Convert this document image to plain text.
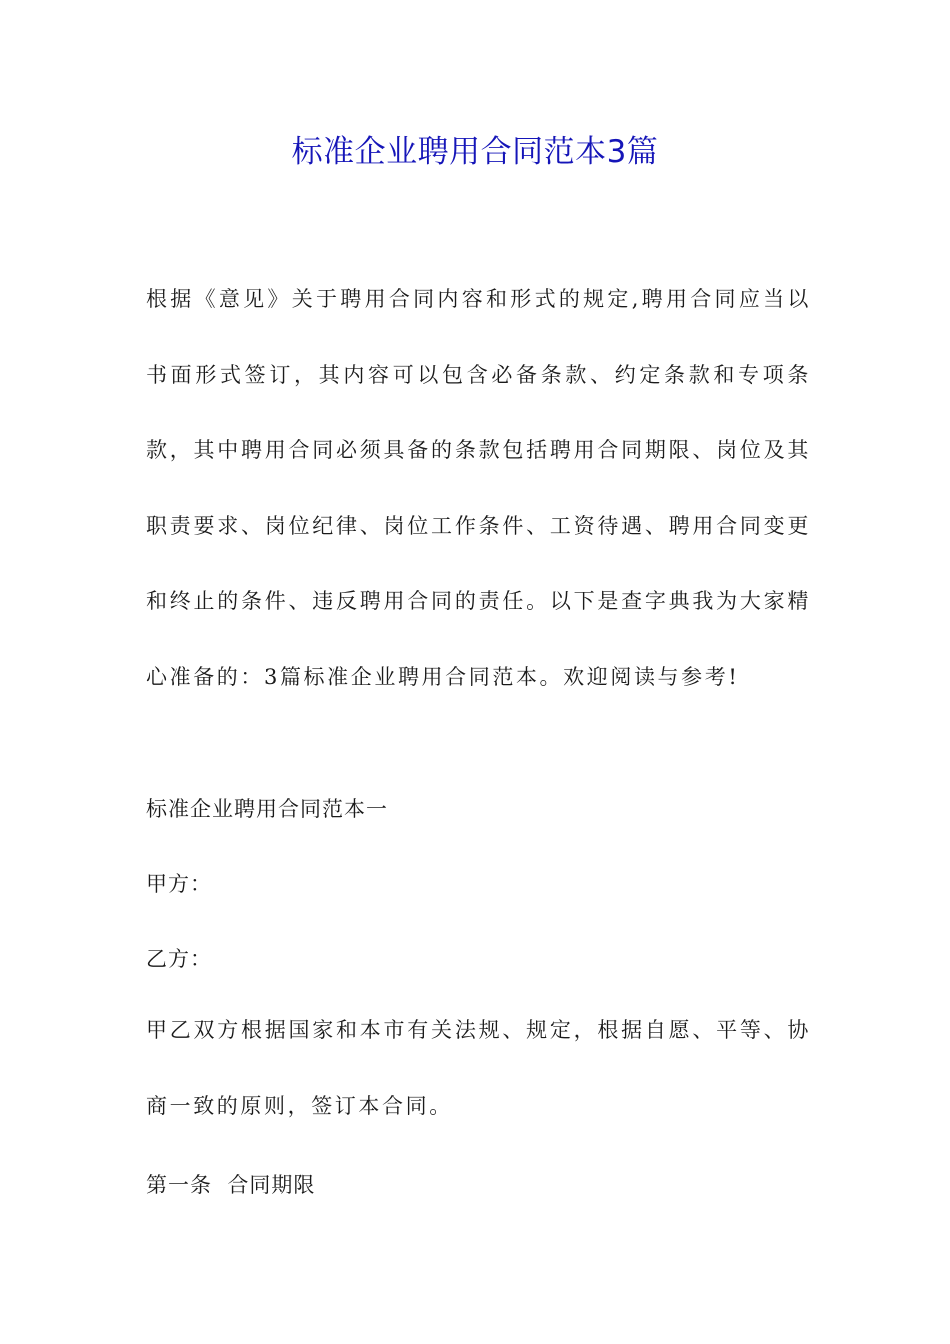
标准企业聘用合同范本3篇

根据《意见》关于聘用合同内容和形式的规定,聘用合同应当以书面形式签订，其内容可以包含必备条款、约定条款和专项条款，其中聘用合同必须具备的条款包括聘用合同期限、岗位及其职责要求、岗位纪律、岗位工作条件、工资待遇、聘用合同变更和终止的条件、违反聘用合同的责任。以下是查字典我为大家精心准备的：3篇标准企业聘用合同范本。欢迎阅读与参考!

标准企业聘用合同范本一

甲方：

乙方：

甲乙双方根据国家和本市有关法规、规定，根据自愿、平等、协商一致的原则，签订本合同。

第一条  合同期限
